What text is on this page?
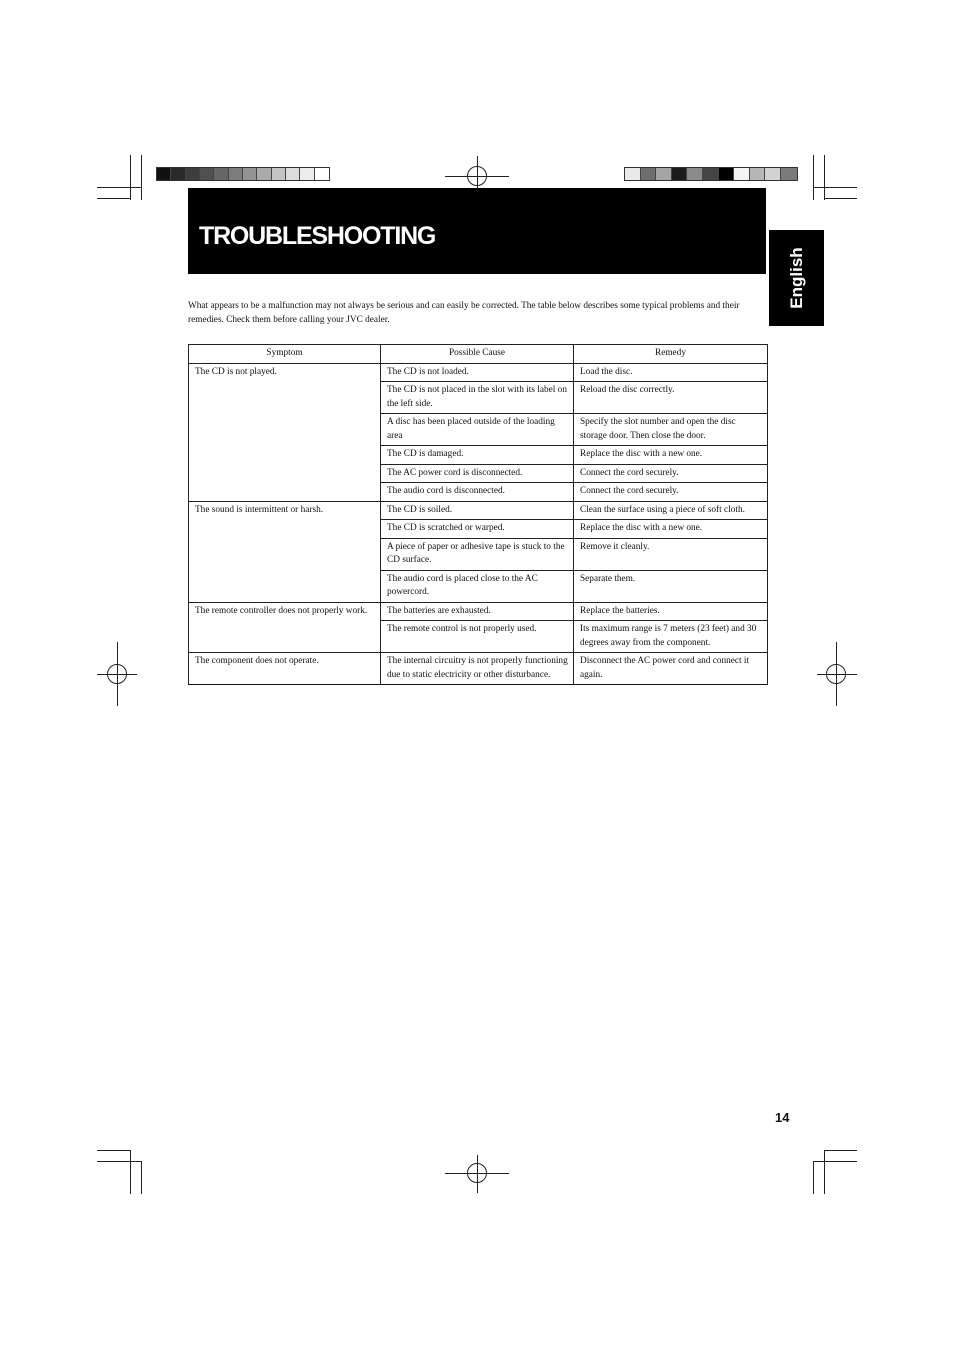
TROUBLESHOOTING
English

What appears to be a malfunction may not always be serious and can easily be corrected. The table below describes some typical problems and their remedies. Check them before calling your JVC dealer.

Symptom	Possible Cause	Remedy
The CD is not played.	The CD is not loaded.	Load the disc.
	The CD is not placed in the slot with its label on the left side.	Reload the disc correctly.
	A disc has been placed outside of the loading area	Specify the slot number and open the disc storage door. Then close the door.
	The CD is damaged.	Replace the disc with a new one.
	The AC power cord is disconnected.	Connect the cord securely.
	The audio cord is disconnected.	Connect the cord securely.
The sound is intermittent or harsh.	The CD is soiled.	Clean the surface using a piece of soft cloth.
	The CD is scratched or warped.	Replace the disc with a new one.
	A piece of paper or adhesive tape is stuck to the CD surface.	Remove it cleanly.
	The audio cord is placed close to the AC powercord.	Separate them.
The remote controller does not properly work.	The batteries are exhausted.	Replace the batteries.
	The remote control is not properly used.	Its maximum range is 7 meters (23 feet) and 30 degrees away from the component.
The component does not operate.	The internal circuitry is not properly functioning due to static electricity or other disturbance.	Disconnect the AC power cord and connect it again.
14
